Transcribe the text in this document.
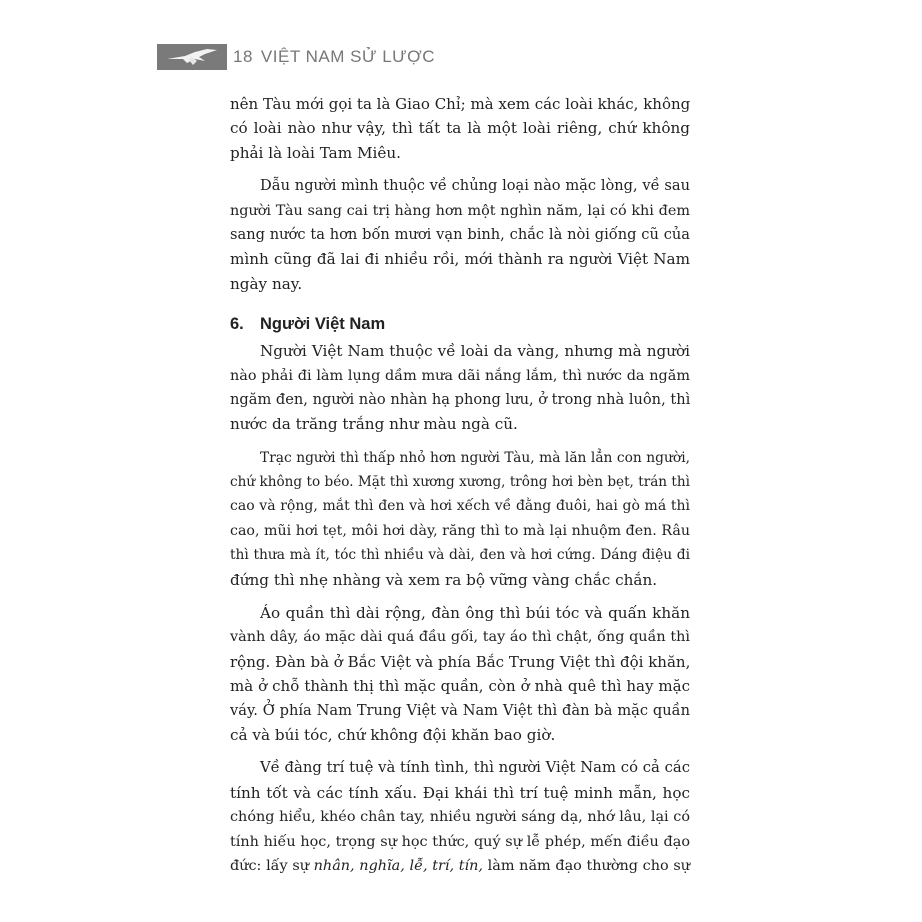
18 VIỆT NAM SỬ LƯỢC
nên Tàu mới gọi ta là Giao Chỉ; mà xem các loài khác, không
có loài nào như vậy, thì tất ta là một loài riêng, chứ không
phải là loài Tam Miêu.
Dẫu người mình thuộc về chủng loại nào mặc lòng, về sau
người Tàu sang cai trị hàng hơn một nghìn năm, lại có khi đem
sang nước ta hơn bốn mươi vạn binh, chắc là nòi giống cũ của
mình cũng đã lai đi nhiều rồi, mới thành ra người Việt Nam
ngày nay.
6. Người Việt Nam
Người Việt Nam thuộc về loài da vàng, nhưng mà người
nào phải đi làm lụng dầm mưa dãi nắng lắm, thì nước da ngăm
ngăm đen, người nào nhàn hạ phong lưu, ở trong nhà luôn, thì
nước da trăng trắng như màu ngà cũ.
Trạc người thì thấp nhỏ hơn người Tàu, mà lăn lẳn con người,
chứ không to béo. Mặt thì xương xương, trông hơi bèn bẹt, trán thì
cao và rộng, mắt thì đen và hơi xếch về đằng đuôi, hai gò má thì
cao, mũi hơi tẹt, môi hơi dày, răng thì to mà lại nhuộm đen. Râu
thì thưa mà ít, tóc thì nhiều và dài, đen và hơi cứng. Dáng điệu đi
đứng thì nhẹ nhàng và xem ra bộ vững vàng chắc chắn.
Áo quần thì dài rộng, đàn ông thì búi tóc và quấn khăn
vành dây, áo mặc dài quá đầu gối, tay áo thì chật, ống quần thì
rộng. Đàn bà ở Bắc Việt và phía Bắc Trung Việt thì đội khăn,
mà ở chỗ thành thị thì mặc quần, còn ở nhà quê thì hay mặc
váy. Ở phía Nam Trung Việt và Nam Việt thì đàn bà mặc quần
cả và búi tóc, chứ không đội khăn bao giờ.
Về đàng trí tuệ và tính tình, thì người Việt Nam có cả các
tính tốt và các tính xấu. Đại khái thì trí tuệ minh mẫn, học
chóng hiểu, khéo chân tay, nhiều người sáng dạ, nhớ lâu, lại có
tính hiếu học, trọng sự học thức, quý sự lễ phép, mến điều đạo
đức: lấy sự nhân, nghĩa, lễ, trí, tín, làm năm đạo thường cho sự
